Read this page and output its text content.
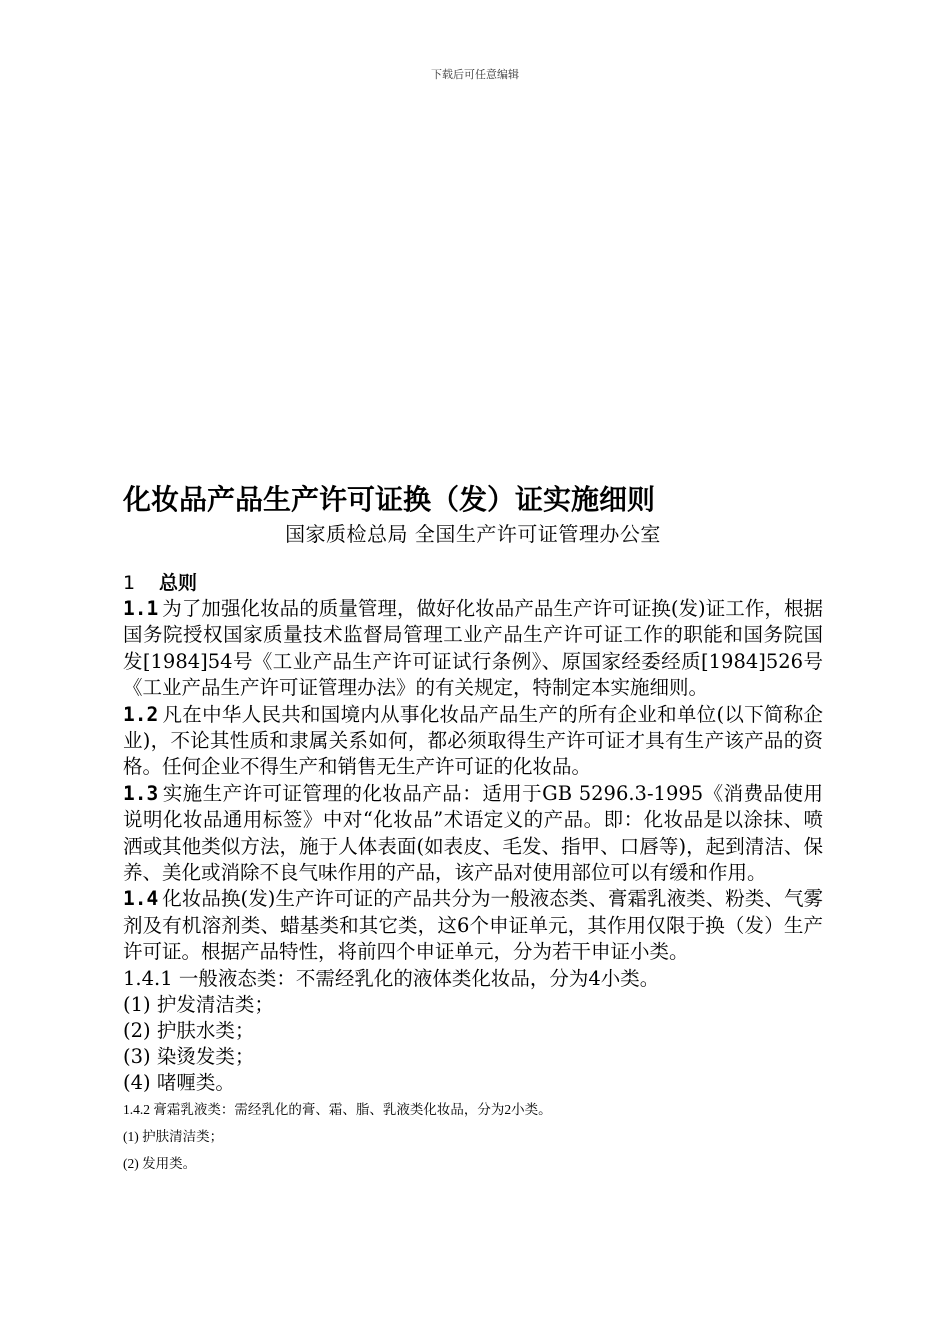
下载后可任意编辑
化妆品产品生产许可证换（发）证实施细则

国家质检总局 全国生产许可证管理办公室

1 总则

1.1 为了加强化妆品的质量管理，做好化妆品产品生产许可证换(发)证工作，根据国务院授权国家质量技术监督局管理工业产品生产许可证工作的职能和国务院国发[1984]54号《工业产品生产许可证试行条例》、原国家经委经质[1984]526号《工业产品生产许可证管理办法》的有关规定，特制定本实施细则。

1.2 凡在中华人民共和国境内从事化妆品产品生产的所有企业和单位(以下简称企业)，不论其性质和隶属关系如何，都必须取得生产许可证才具有生产该产品的资格。任何企业不得生产和销售无生产许可证的化妆品。

1.3 实施生产许可证管理的化妆品产品：适用于GB 5296.3-1995《消费品使用说明化妆品通用标签》中对“化妆品”术语定义的产品。即：化妆品是以涂抹、喷洒或其他类似方法，施于人体表面(如表皮、毛发、指甲、口唇等)，起到清洁、保养、美化或消除不良气味作用的产品，该产品对使用部位可以有缓和作用。

1.4 化妆品换(发)生产许可证的产品共分为一般液态类、膏霜乳液类、粉类、气雾剂及有机溶剂类、蜡基类和其它类，这6个申证单元，其作用仅限于换（发）生产许可证。根据产品特性，将前四个申证单元，分为若干申证小类。

1.4.1 一般液态类：不需经乳化的液体类化妆品，分为4小类。

(1) 护发清洁类；

(2) 护肤水类；

(3) 染烫发类；

(4) 啫喱类。

1.4.2 膏霜乳液类：需经乳化的膏、霜、脂、乳液类化妆品，分为2小类。

(1) 护肤清洁类；

(2) 发用类。
